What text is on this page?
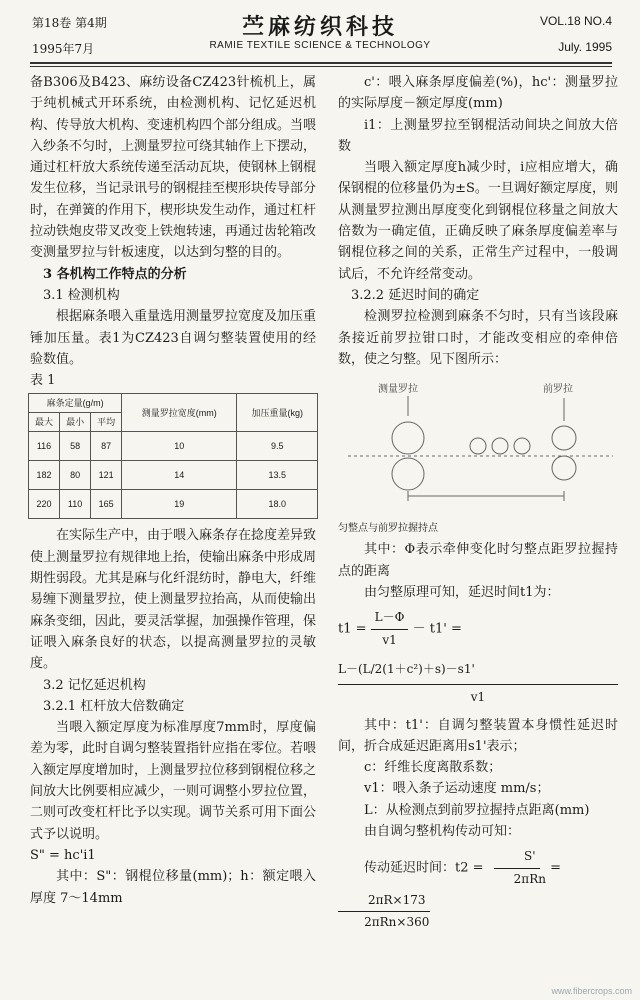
第18卷 第4期
1995年7月
苎麻纺织科技
RAMIE TEXTILE SCIENCE & TECHNOLOGY
VOL.18 NO.4
July. 1995

备B306及B423、麻纺设备CZ423针梳机上，属于纯机械式开环系统，由检测机构、记忆延迟机构、传导放大机构、变速机构四个部分组成。当喂入纱条不匀时，上测量罗拉可绕其轴作上下摆动，通过杠杆放大系统传递至活动瓦块，使钢林上钢棍发生位移，当记录讯号的钢棍挂至楔形块传导部分时，在弹簧的作用下，楔形块发生动作，通过杠杆拉动铁炮皮带叉改变上铁炮转速，再通过齿轮箱改变测量罗拉与针板速度，以达到匀整的目的。

3 各机构工作特点的分析

3.1 检测机构

根据麻条喂入重量选用测量罗拉宽度及加压重锤加压量。表1为CZ423自调匀整装置使用的经验数值。

表 1

麻条定量(g/m)			测量罗拉宽度(mm)	加压重量(kg)
最大	最小	平均		
116	58	87	10	9.5
182	80	121	14	13.5
220	110	165	19	18.0

在实际生产中，由于喂入麻条存在捻度差异致使上测量罗拉有规律地上抬，使输出麻条中形成周期性弱段。尤其是麻与化纤混纺时，静电大，纤维易缠下测量罗拉，使上测量罗拉抬高，从而使输出麻条变细，因此，要灵活掌握，加强操作管理，保证喂入麻条良好的状态，以提高测量罗拉的灵敏度。

3.2 记忆延迟机构

3.2.1 杠杆放大倍数确定

当喂入额定厚度为标准厚度7mm时，厚度偏差为零，此时自调匀整装置指针应指在零位。若喂入额定厚度增加时，上测量罗拉位移到钢棍位移之间放大比例要相应减少，一则可调整小罗拉位置，二则可改变杠杆比予以实现。调节关系可用下面公式予以说明。

S" = hc'i1

其中：S"：钢棍位移量(mm)；h：额定喂入厚度 7～14mm

c'：喂入麻条厚度偏差(%)，hc'：测量罗拉的实际厚度－额定厚度(mm)

i1：上测量罗拉至钢棍活动间块之间放大倍数

当喂入额定厚度h减少时，i应相应增大，确保钢棍的位移量仍为±S。一旦调好额定厚度，则从测量罗拉测出厚度变化到钢棍位移量之间放大倍数为一确定值，正确反映了麻条厚度偏差率与钢棍位移之间的关系，正常生产过程中，一般调试后，不允许经常变动。

3.2.2 延迟时间的确定

检测罗拉检测到麻条不匀时，只有当该段麻条接近前罗拉钳口时，才能改变相应的牵伸倍数，使之匀整。见下图所示：

测量罗拉	前罗拉

匀整点与前罗拉握持点

其中：Φ表示牵伸变化时匀整点距罗拉握持点的距离

由匀整原理可知，延迟时间t1为：

$t1 = \frac{L-\Phi}{v1} - t1'$ =
L－(L/2(1＋c²)＋s)－s1'
v1

其中：t1'：自调匀整装置本身惯性延迟时间，折合成延迟距离用s1'表示；

c：纤维长度离散系数；

v1：喂入条子运动速度 mm/s；

L：从检测点到前罗拉握持点距离(mm)

由自调匀整机构传动可知：

传动延迟时间：$t2 = \frac{S'}{\text{2πRn}}$ =
$\frac{2\pi R\times 173}{\text{2πRn×360}}$
www.fibercrops.com
